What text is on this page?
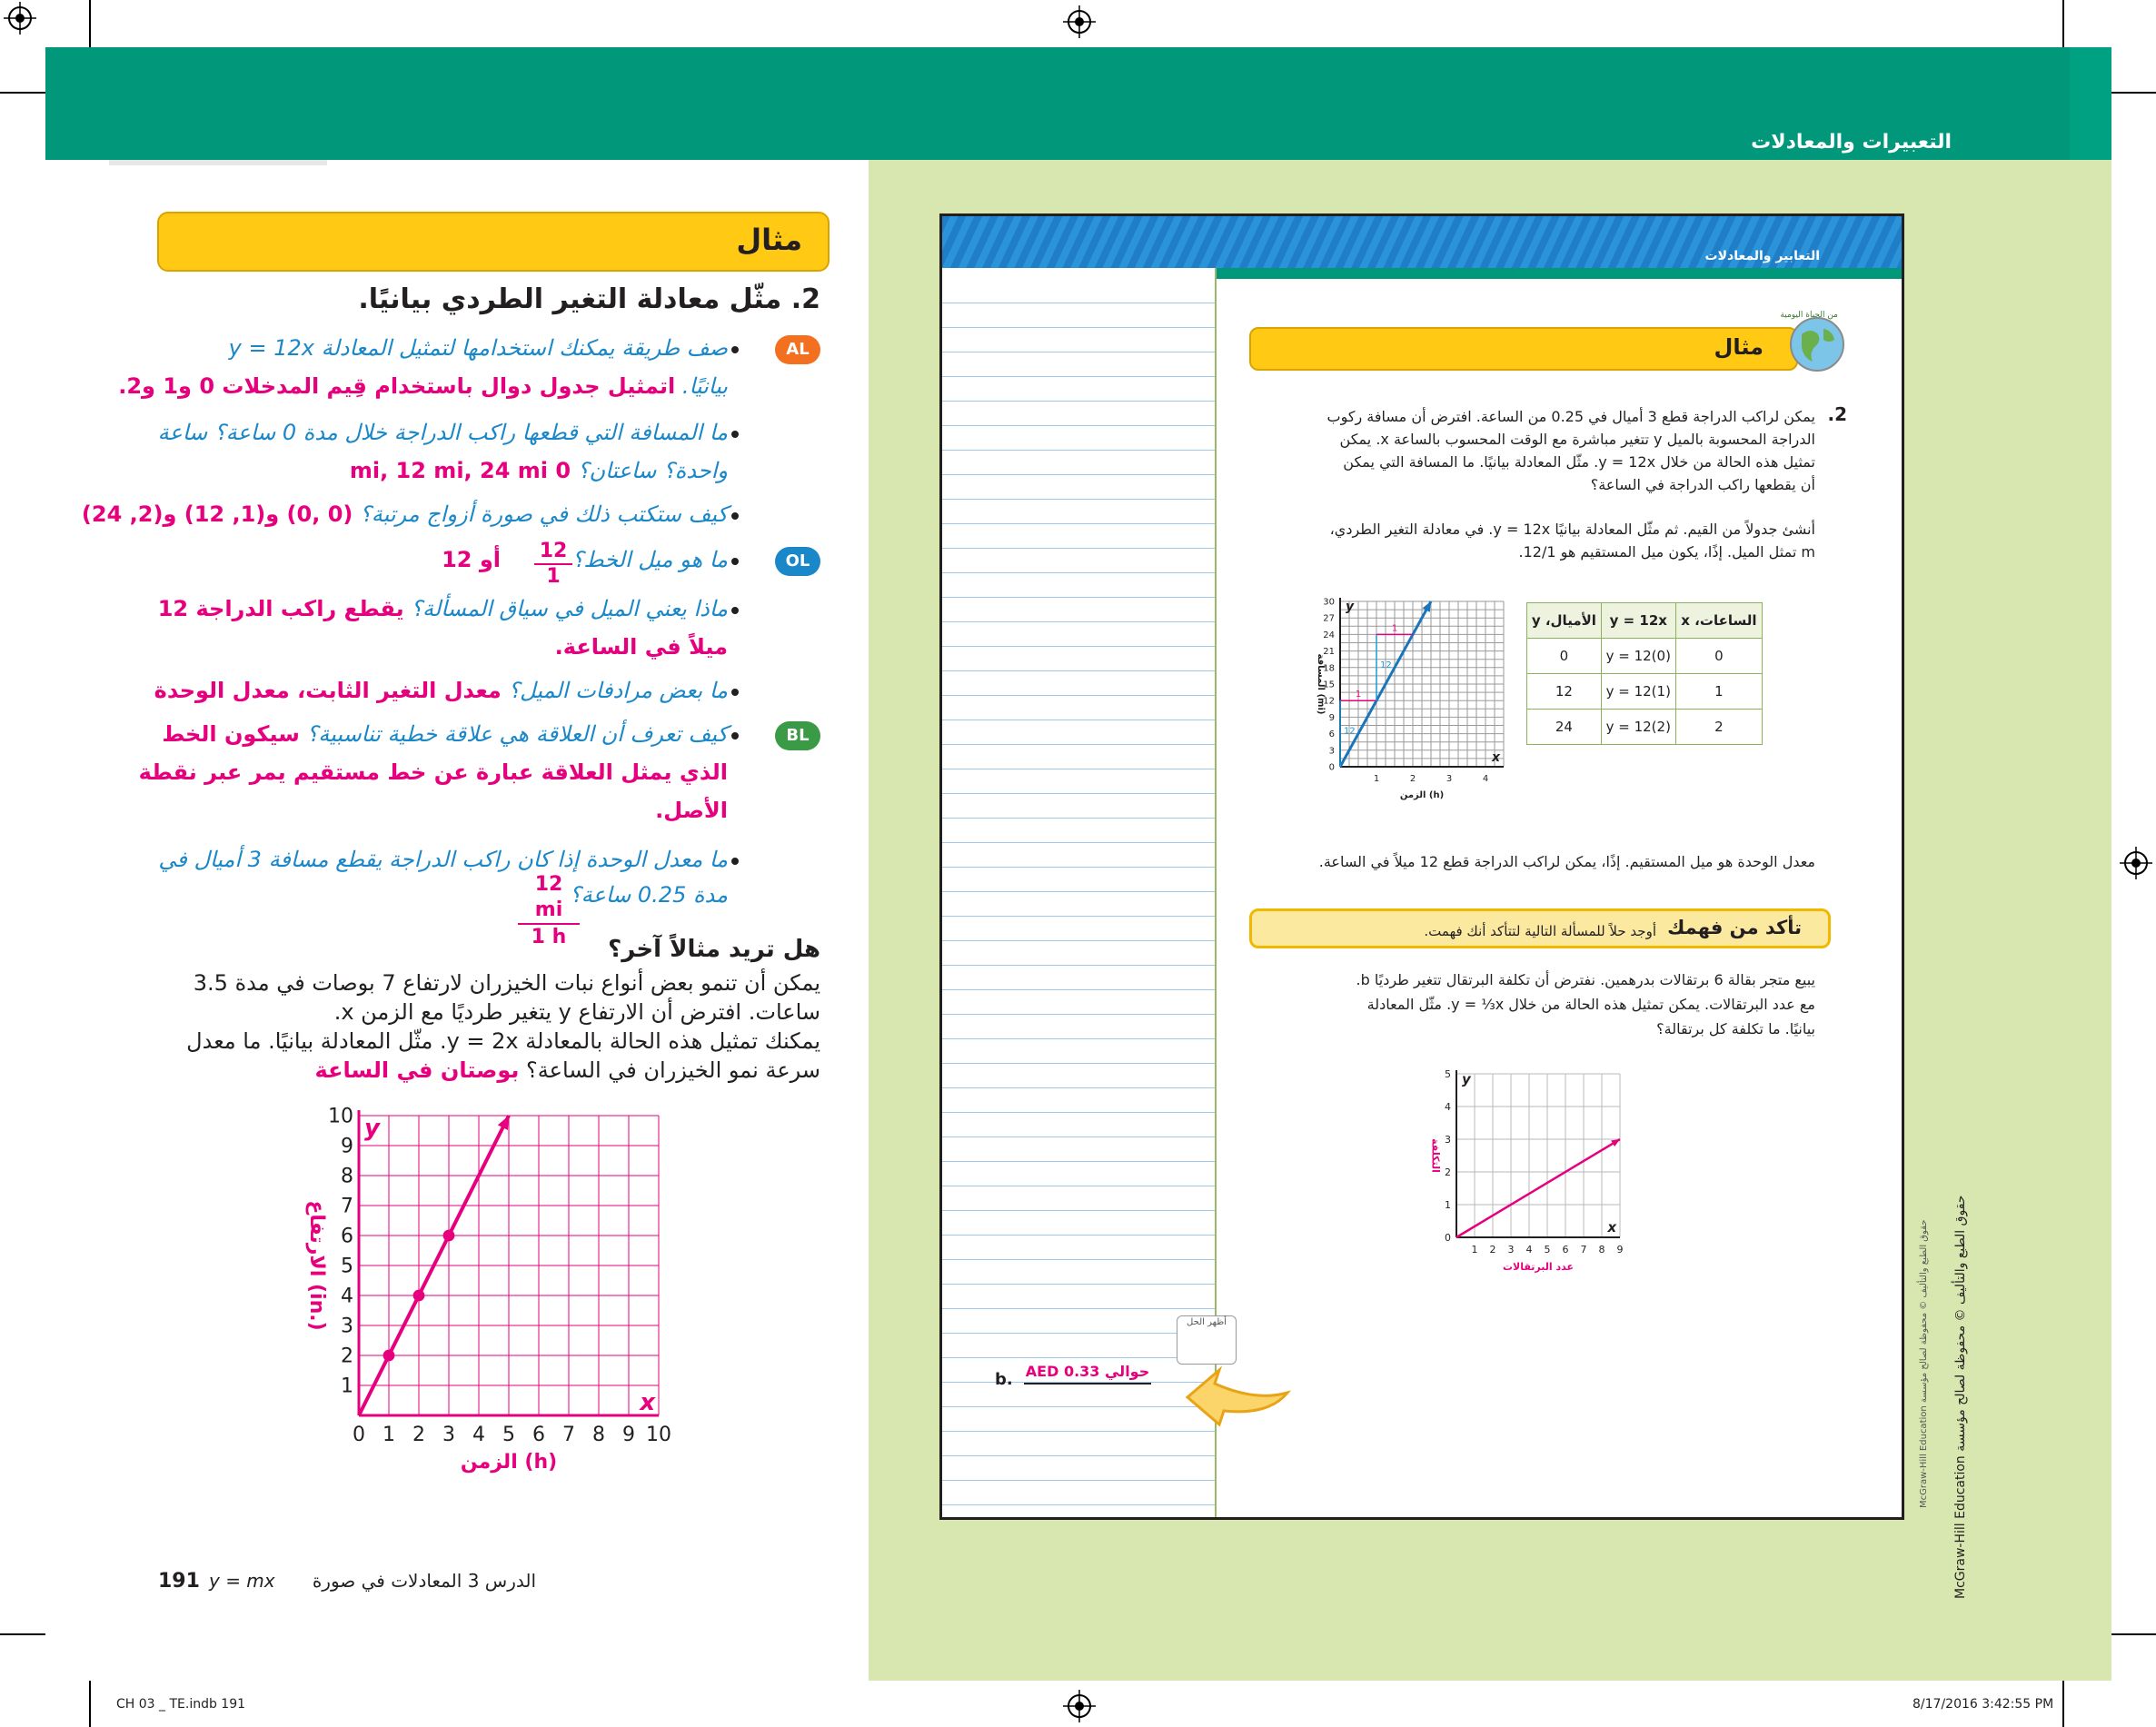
التعبيرات والمعادلات
مثال
2. مثّل معادلة التغير الطردي بيانيًا.
AL
صف طريقة يمكنك استخدامها لتمثيل المعادلة y = 12x
بيانيًا. اتمثيل جدول دوال باستخدام قِيم المدخلات 0 و1 و2.
ما المسافة التي قطعها راكب الدراجة خلال مدة 0 ساعة؟ ساعة
واحدة؟ ساعتان؟ 0 mi, 12 mi, 24 mi
كيف ستكتب ذلك في صورة أزواج مرتبة؟ (0 ,0) و(1, 12) و(2, 24)
OL
ما هو ميل الخط؟
$\frac{12}{1}$
أو 12
ماذا يعني الميل في سياق المسألة؟ يقطع راكب الدراجة 12
ميلاً في الساعة.
ما بعض مرادفات الميل؟ معدل التغير الثابت، معدل الوحدة
BL
كيف تعرف أن العلاقة هي علاقة خطية تناسبية؟ سيكون الخط
الذي يمثل العلاقة عبارة عن خط مستقيم يمر عبر نقطة
الأصل.
ما معدل الوحدة إذا كان راكب الدراجة يقطع مسافة 3 أميال في
مدة 0.25 ساعة؟
$\frac{12 mi}{1 h}$ هل تريد مثالاً آخر؟
يمكن أن تنمو بعض أنواع نبات الخيزران لارتفاع 7 بوصات في مدة 3.5
ساعات. افترض أن الارتفاع y يتغير طرديًا مع الزمن x.
يمكنك تمثيل هذه الحالة بالمعادلة y = 2x. مثّل المعادلة بيانيًا. ما معدل
سرعة نمو الخيزران في الساعة؟ بوصتان في الساعة
0 1 2 3 4 5 6 7 8 9 10
1
2
3
4
5
6
7
8
9
10
x
y
الزمن (h)
الارتفاع (in.)
191 y = mx الدرس 3 المعادلات في صورة
التعابير والمعادلات
مثال
من الحياة اليومية
2.
يمكن لراكب الدراجة قطع 3 أميال في 0.25 من الساعة. افترض أن مسافة ركوب
الدراجة المحسوبة بالميل y تتغير مباشرة مع الوقت المحسوب بالساعة x. يمكن
تمثيل هذه الحالة من خلال y = 12x. مثّل المعادلة بيانيًا. ما المسافة التي يمكن
أن يقطعها راكب الدراجة في الساعة؟
أنشئ جدولاً من القيم. ثم مثّل المعادلة بيانيًا y = 12x. في معادلة التغير الطردي،
m تمثل الميل. إذًا، يكون ميل المستقيم هو 12/1.
1	2	3	4
0
3
6
9
12
15
18
21
24
27
30
x
y
الزمن (h)
المسافة (mi)	1
12
1
12
y ،الأميال	y = 12x	x ،الساعات
0	y = 12(0)	0
12	y = 12(1)	1
24	y = 12(2)	2
معدل الوحدة هو ميل المستقيم. إذًا، يمكن لراكب الدراجة قطع 12 ميلاً في الساعة.
تأكد من فهمك
أوجد حلاً للمسألة التالية لتتأكد أنك فهمت.
يبيع متجر بقالة 6 برتقالات بدرهمين. نفترض أن تكلفة البرتقال تتغير طرديًا b.
مع عدد البرتقالات. يمكن تمثيل هذه الحالة من خلال y = ⅓x. مثّل المعادلة
بيانيًا. ما تكلفة كل برتقالة؟
1 2 3 4 5 6 7 8 9
0
1
2
3
4
5
x
y
عدد البرتقالات
التكلفة
b. حوالي 0.33 AED
أظهر الحل
حقوق الطبع والتأليف © محفوظة لصالح مؤسسة McGraw-Hill Education
حقوق الطبع والتأليف © محفوظة لصالح مؤسسة McGraw-Hill Education
CH 03 _ TE.indb 191	8/17/2016 3:42:55 PM
